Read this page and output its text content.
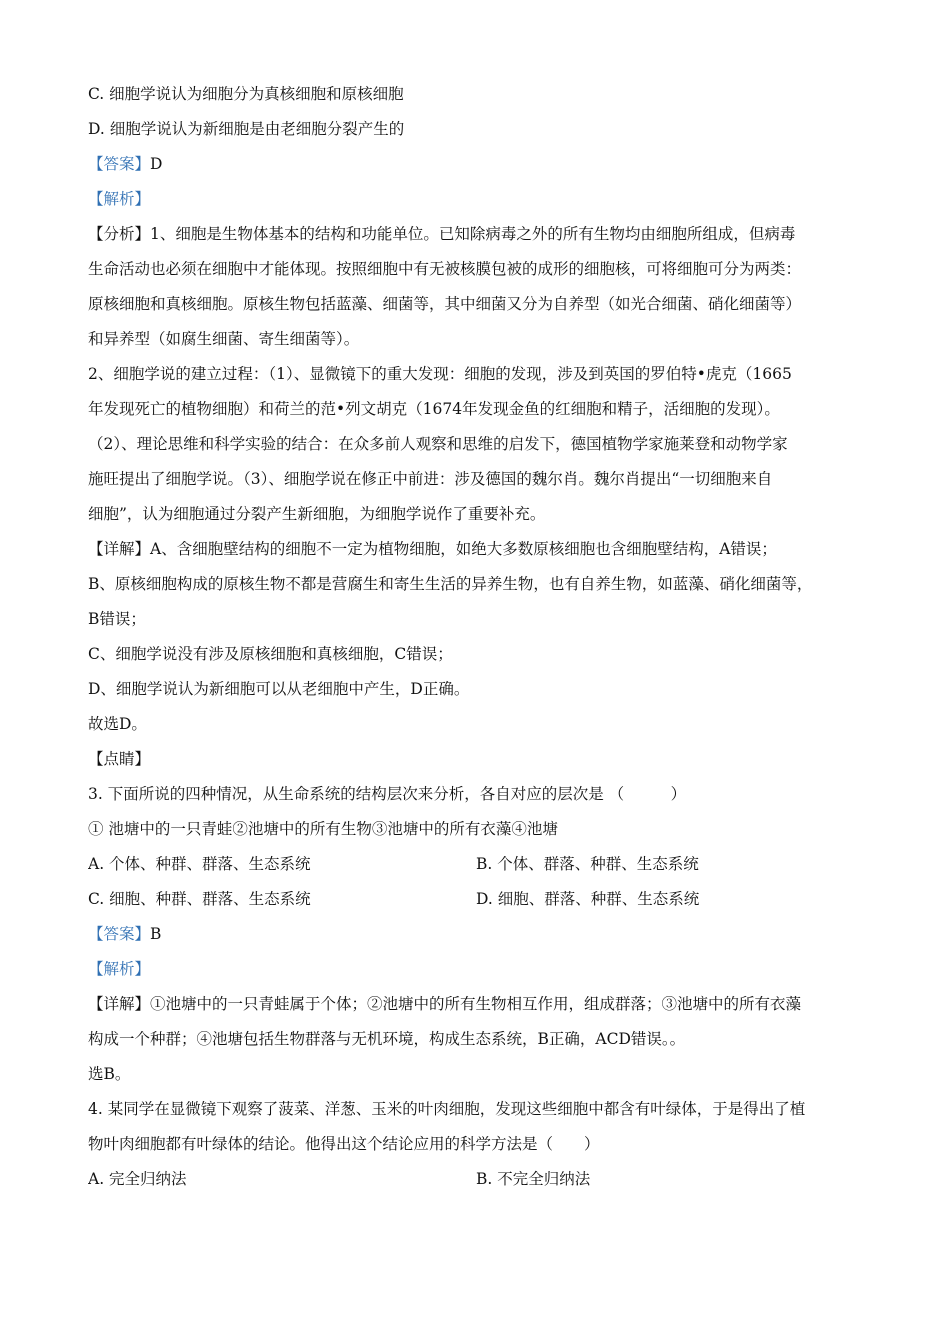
C. 细胞学说认为细胞分为真核细胞和原核细胞
D. 细胞学说认为新细胞是由老细胞分裂产生的
【答案】D
【解析】
【分析】1、细胞是生物体基本的结构和功能单位。已知除病毒之外的所有生物均由细胞所组成，但病毒
生命活动也必须在细胞中才能体现。按照细胞中有无被核膜包被的成形的细胞核，可将细胞可分为两类：
原核细胞和真核细胞。原核生物包括蓝藻、细菌等，其中细菌又分为自养型（如光合细菌、硝化细菌等）
和异养型（如腐生细菌、寄生细菌等）。
2、细胞学说的建立过程：（1）、显微镜下的重大发现：细胞的发现，涉及到英国的罗伯特•虎克（1665
年发现死亡的植物细胞）和荷兰的范•列文胡克（1674年发现金鱼的红细胞和精子，活细胞的发现）。
（2）、理论思维和科学实验的结合：在众多前人观察和思维的启发下，德国植物学家施莱登和动物学家
施旺提出了细胞学说。（3）、细胞学说在修正中前进：涉及德国的魏尔肖。魏尔肖提出“一切细胞来自
细胞”，认为细胞通过分裂产生新细胞，为细胞学说作了重要补充。
【详解】A、含细胞壁结构的细胞不一定为植物细胞，如绝大多数原核细胞也含细胞壁结构，A错误；
B、原核细胞构成的原核生物不都是营腐生和寄生生活的异养生物，也有自养生物，如蓝藻、硝化细菌等，
B错误；
C、细胞学说没有涉及原核细胞和真核细胞，C错误；
D、细胞学说认为新细胞可以从老细胞中产生，D正确。
故选D。
【点睛】
3. 下面所说的四种情况，从生命系统的结构层次来分析，各自对应的层次是 （　　　）
① 池塘中的一只青蛙②池塘中的所有生物③池塘中的所有衣藻④池塘
A. 个体、种群、群落、生态系统	B. 个体、群落、种群、生态系统
C. 细胞、种群、群落、生态系统	D. 细胞、群落、种群、生态系统
【答案】B
【解析】
【详解】①池塘中的一只青蛙属于个体；②池塘中的所有生物相互作用，组成群落；③池塘中的所有衣藻
构成一个种群；④池塘包括生物群落与无机环境，构成生态系统，B正确，ACD错误。。
选B。
4. 某同学在显微镜下观察了菠菜、洋葱、玉米的叶肉细胞，发现这些细胞中都含有叶绿体，于是得出了植
物叶肉细胞都有叶绿体的结论。他得出这个结论应用的科学方法是（　　）
A. 完全归纳法	B. 不完全归纳法
